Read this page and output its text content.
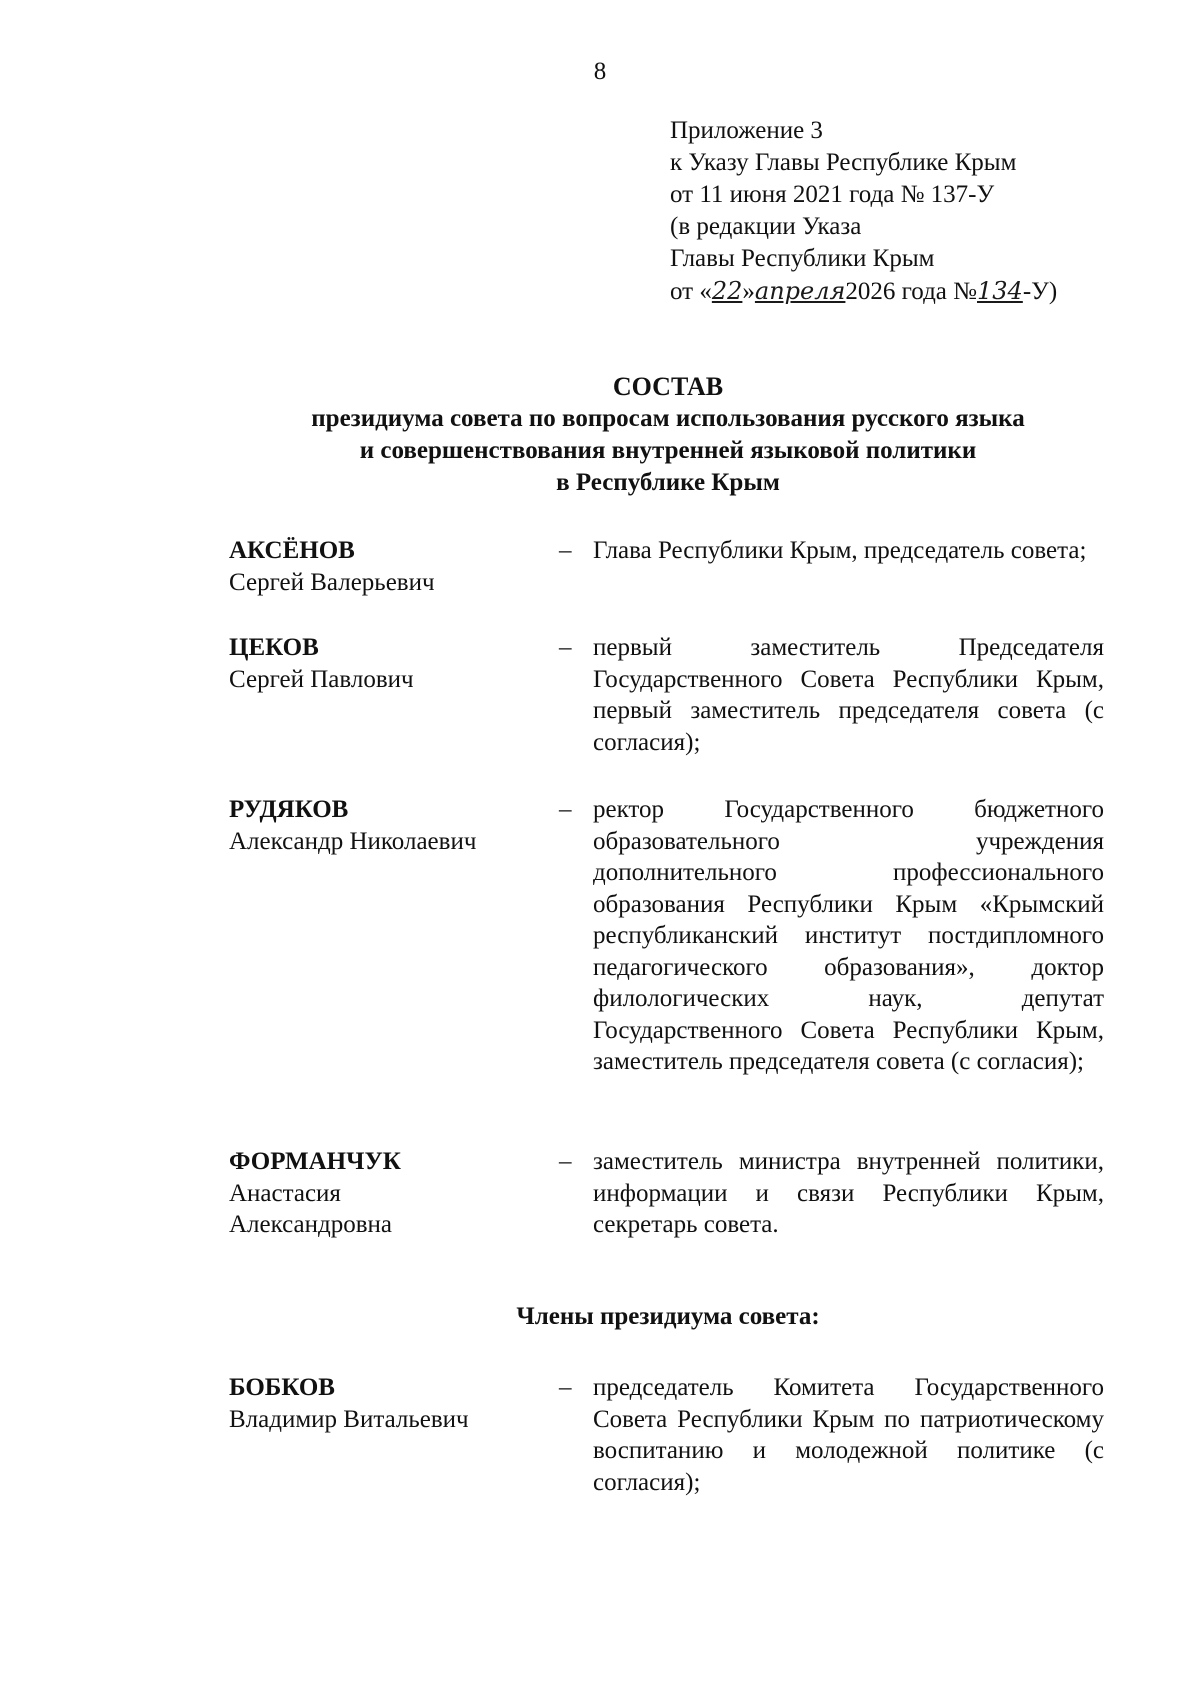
8
Приложение 3
к Указу Главы Республике Крым
от 11 июня 2021 года № 137-У
(в редакции Указа
Главы Республики Крым
от «22»апреля2026 года №134-У)
СОСТАВ
президиума совета по вопросам использования русского языка
и совершенствования внутренней языковой политики
в Республике Крым
АКСЁНОВ
Сергей Валерьевич
– Глава Республики Крым, председатель совета;
ЦЕКОВ
Сергей Павлович
– первый заместитель Председателя Государственного Совета Республики Крым, первый заместитель председателя совета (с согласия);
РУДЯКОВ
Александр Николаевич
– ректор Государственного бюджетного образовательного учреждения дополнительного профессионального образования Республики Крым «Крымский республиканский институт постдипломного педагогического образования», доктор филологических наук, депутат Государственного Совета Республики Крым, заместитель председателя совета (с согласия);
ФОРМАНЧУК
Анастасия Александровна
– заместитель министра внутренней политики, информации и связи Республики Крым, секретарь совета.
Члены президиума совета:
БОБКОВ
Владимир Витальевич
– председатель Комитета Государственного Совета Республики Крым по патриотическому воспитанию и молодежной политике (с согласия);
